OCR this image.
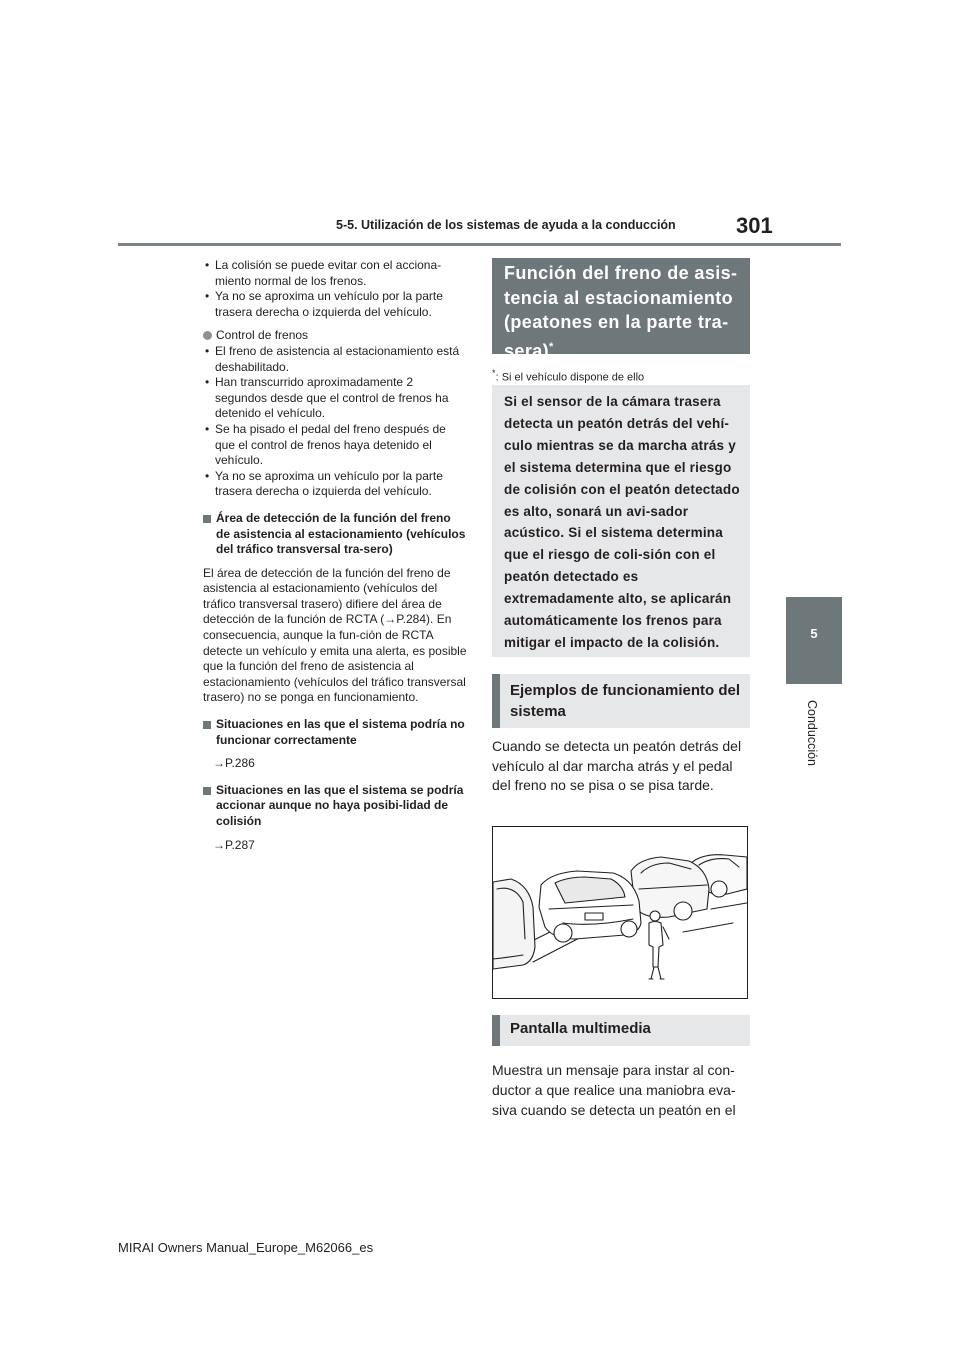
5-5. Utilización de los sistemas de ayuda a la conducción	301
5
Conducción
• La colisión se puede evitar con el acciona-miento normal de los frenos.
• Ya no se aproxima un vehículo por la parte trasera derecha o izquierda del vehículo.
Control de frenos
• El freno de asistencia al estacionamiento está deshabilitado.
• Han transcurrido aproximadamente 2 segundos desde que el control de frenos ha detenido el vehículo.
• Se ha pisado el pedal del freno después de que el control de frenos haya detenido el vehículo.
• Ya no se aproxima un vehículo por la parte trasera derecha o izquierda del vehículo.
Área de detección de la función del freno de asistencia al estacionamiento (vehículos del tráfico transversal tra-sero)
El área de detección de la función del freno de asistencia al estacionamiento (vehículos del tráfico transversal trasero) difiere del área de detección de la función de RCTA (→P.284). En consecuencia, aunque la fun-ción de RCTA detecte un vehículo y emita una alerta, es posible que la función del freno de asistencia al estacionamiento (vehículos del tráfico transversal trasero) no se ponga en funcionamiento.
Situaciones en las que el sistema podría no funcionar correctamente
→P.286
Situaciones en las que el sistema se podría accionar aunque no haya posibi-lidad de colisión
→P.287
Función del freno de asis-tencia al estacionamiento (peatones en la parte tra-sera)*
*: Si el vehículo dispone de ello
Si el sensor de la cámara trasera detecta un peatón detrás del vehí-culo mientras se da marcha atrás y el sistema determina que el riesgo de colisión con el peatón detectado es alto, sonará un avi-sador acústico. Si el sistema determina que el riesgo de coli-sión con el peatón detectado es extremadamente alto, se aplicarán automáticamente los frenos para mitigar el impacto de la colisión.
Ejemplos de funcionamiento del sistema
Cuando se detecta un peatón detrás del vehículo al dar marcha atrás y el pedal del freno no se pisa o se pisa tarde.
Pantalla multimedia
Muestra un mensaje para instar al con-ductor a que realice una maniobra eva-siva cuando se detecta un peatón en el
MIRAI Owners Manual_Europe_M62066_es
